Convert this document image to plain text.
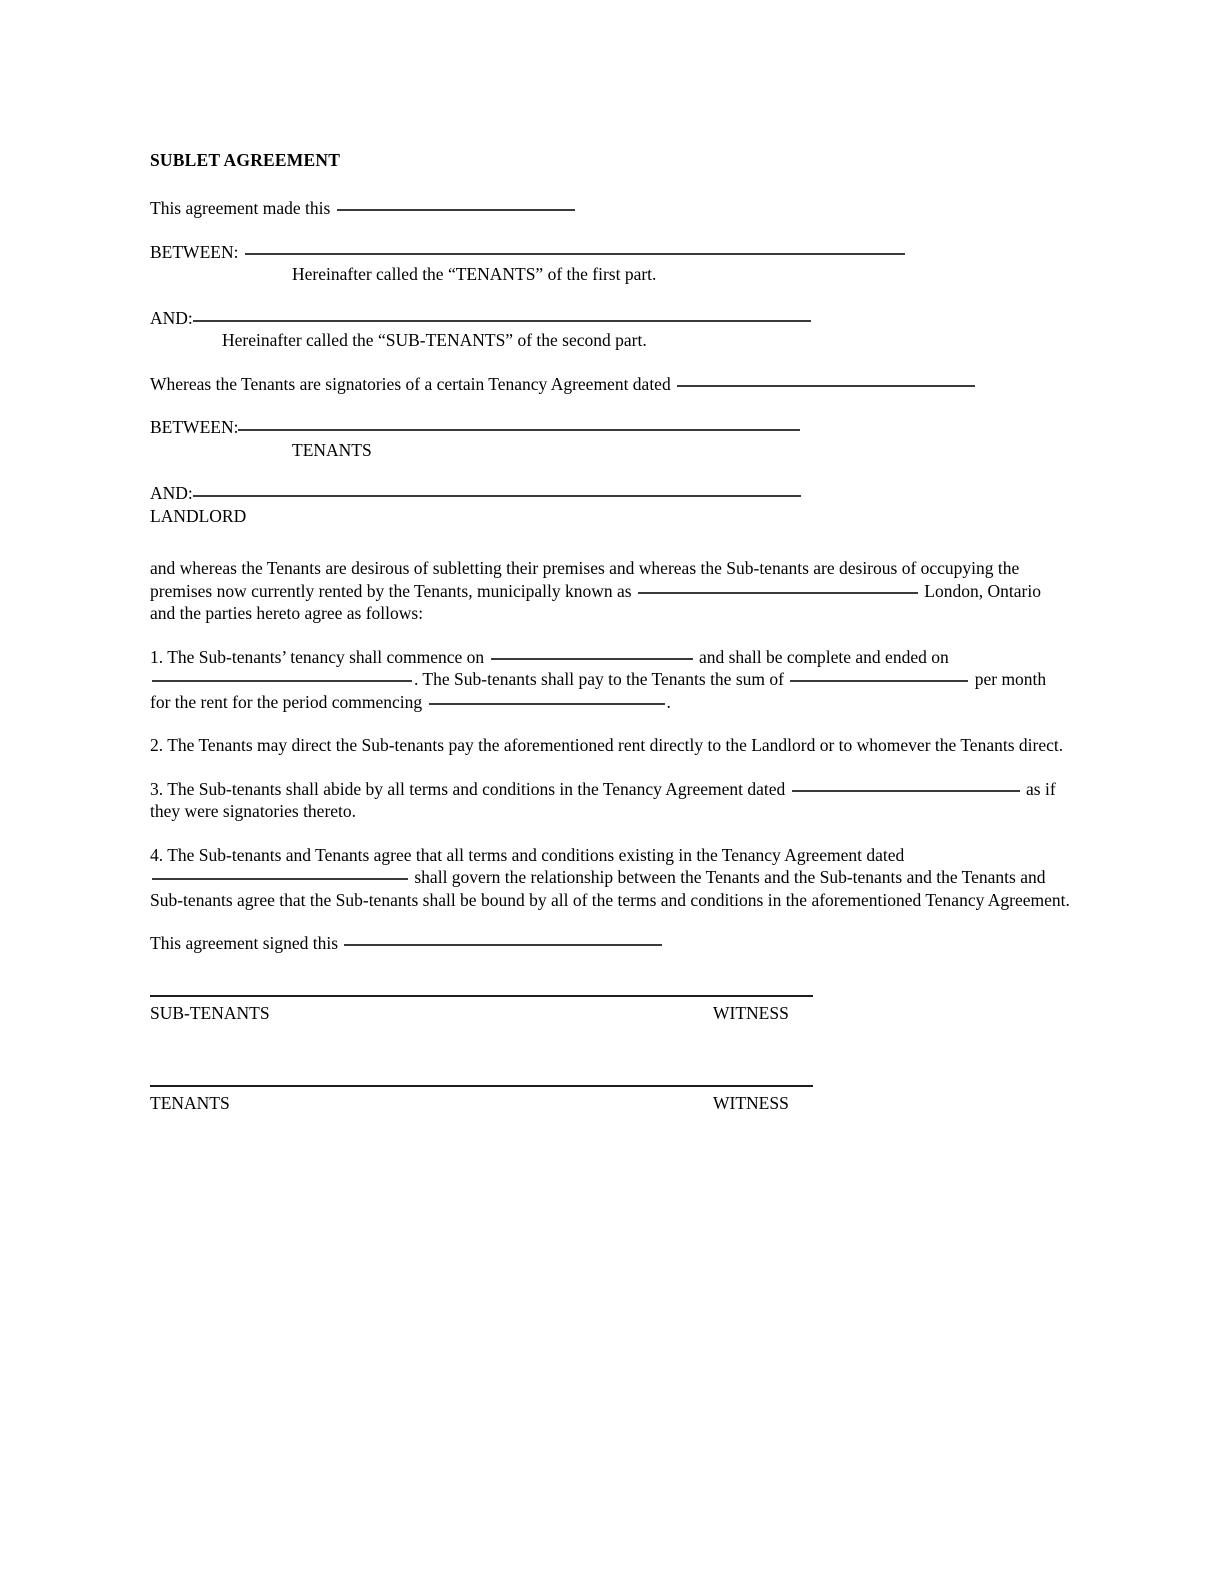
SUBLET AGREEMENT

This agreement made this

BETWEEN:

Hereinafter called the “TENANTS” of the first part.

AND:

Hereinafter called the “SUB-TENANTS” of the second part.

Whereas the Tenants are signatories of a certain Tenancy Agreement dated

BETWEEN:

TENANTS

AND:

LANDLORD

and whereas the Tenants are desirous of subletting their premises and whereas the Sub-tenants are desirous of occupying the premises now currently rented by the Tenants, municipally known as	London, Ontario and the parties hereto agree as follows:

1. The Sub-tenants’ tenancy shall commence on	and shall be complete and ended on . The Sub-tenants shall pay to the Tenants the sum of	per month for the rent for the period commencing	.

2. The Tenants may direct the Sub-tenants pay the aforementioned rent directly to the Landlord or to whomever the Tenants direct.

3. The Sub-tenants shall abide by all terms and conditions in the Tenancy Agreement dated	as if they were signatories thereto.

4. The Sub-tenants and Tenants agree that all terms and conditions existing in the Tenancy Agreement dated  shall govern the relationship between the Tenants and the Sub-tenants and the Tenants and Sub-tenants agree that the Sub-tenants shall be bound by all of the terms and conditions in the aforementioned Tenancy Agreement.

This agreement signed this

SUB-TENANTS	WITNESS
TENANTS	WITNESS
